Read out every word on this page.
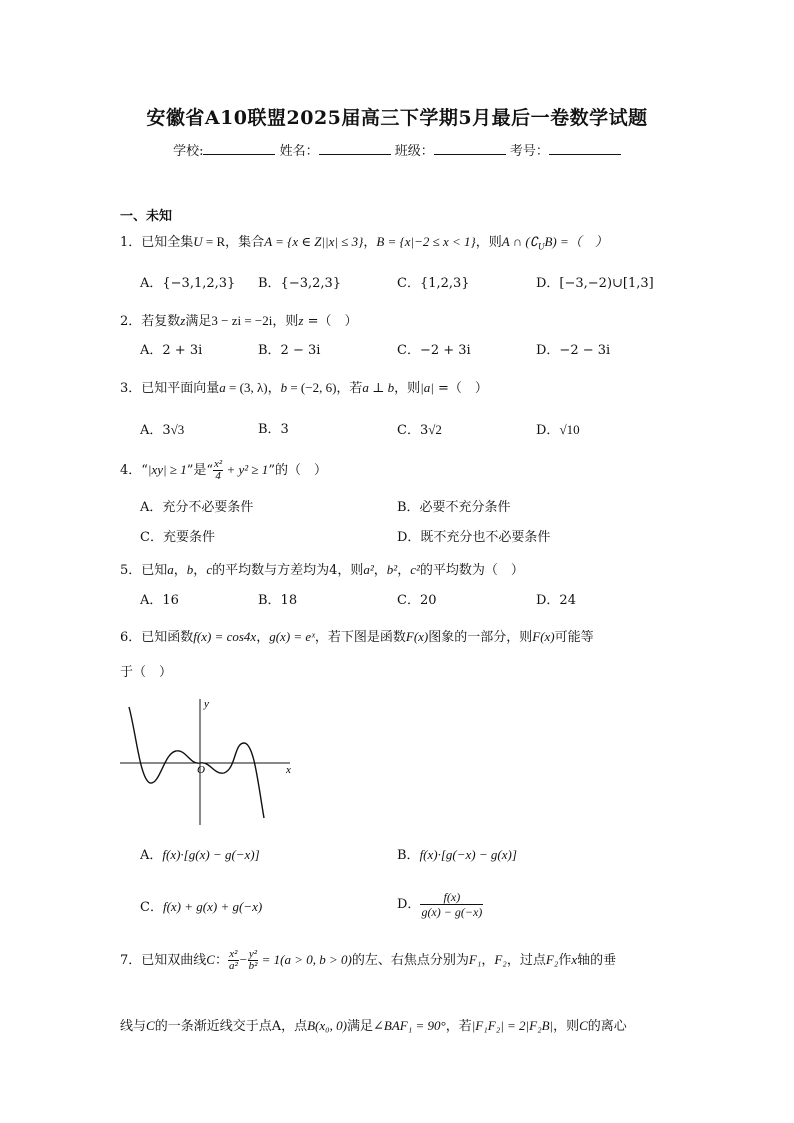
安徽省A10联盟2025届高三下学期5月最后一卷数学试题
学校:	姓名：	班级：	考号：
一、未知
1．已知全集U = R，集合A = {x ∈ Z||x| ≤ 3}，B = {x|−2 ≤ x < 1}，则A ∩ $(∁_UB)$ =（　）
A．{−3,1,2,3} B．{−3,2,3}	C．{1,2,3}	D．[−3,−2)∪[1,3]
2．若复数z满足3 − zi = −2i，则z =（　）
A．2 + 3i	B．2 − 3i	C．−2 + 3i	D．−2 − 3i
3．已知平面向量a = (3, λ)，b = (−2, 6)，若a ⊥ b，则|a| =（　）
A．3√3	B．3	C．3√2	D．√10
4．“|xy| ≥ 1”是“ $\frac{\text{x²}}{4} + y^2 \ge 1$”的（　）
A．充分不必要条件	B．必要不充分条件
C．充要条件	D．既不充分也不必要条件
5．已知a，b，c的平均数与方差均为4，则a²，b²，c²的平均数为（　）
A．16	B．18	C．20	D．24
6．已知函数f(x) = cos4x，g(x) = eˣ，若下图是函数F(x)图象的一部分，则F(x)可能等
于（　）
y
x
O
A．f(x)·[g(x) − g(−x)]	B．f(x)·[g(−x) − g(x)]
C．f(x) + g(x) + g(−x)	D． $\frac{f(x)}{g(x) - g(-x)}$
7．已知双曲线C： $\frac{\text{x²}}{\text{a²}} - \frac{\text{y²}}{\text{b²}} = 1(a > 0$, b > 0)的左、右焦点分别为F₁，F₂，过点F₂作x轴的垂
线与C的一条渐近线交于点A，点B(x₀, 0)满足∠BAF₁ = 90°，若|F₁F₂| = 2|F₂B|，则C的离心
